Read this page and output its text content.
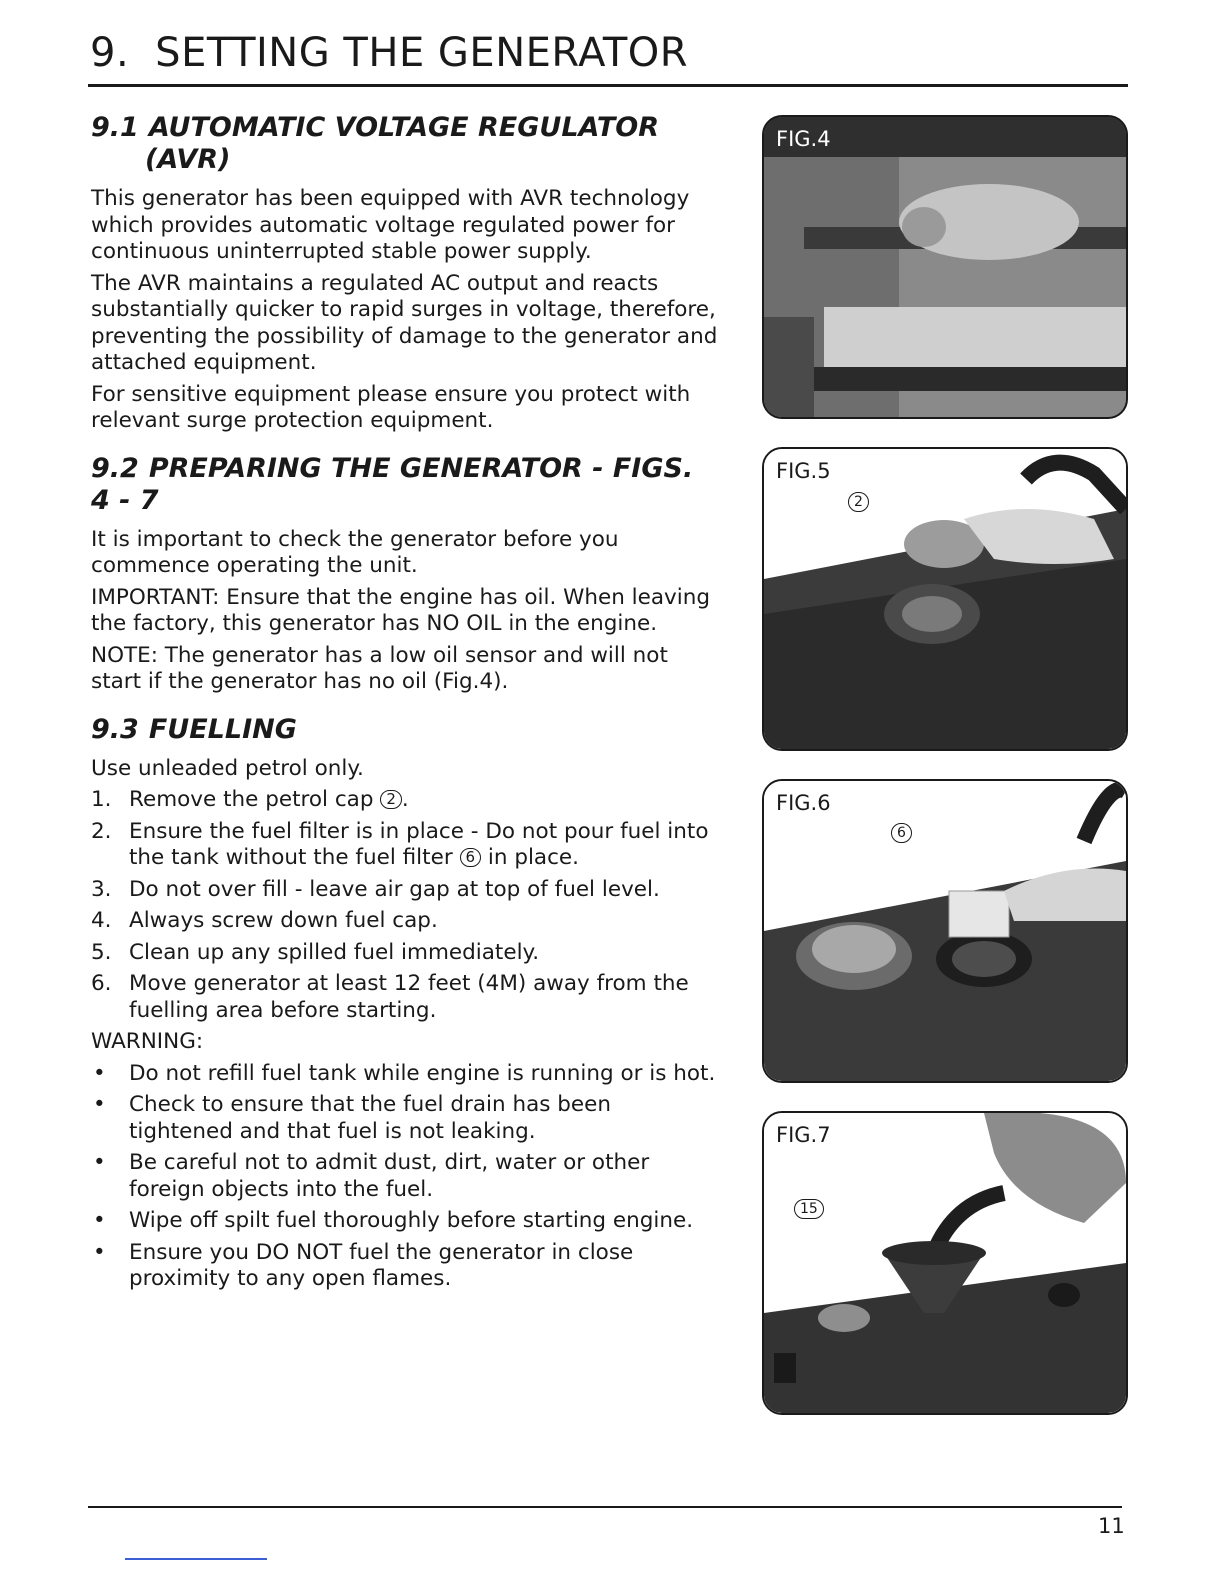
9. SETTING THE GENERATOR
9.1 AUTOMATIC VOLTAGE REGULATOR
(AVR)

This generator has been equipped with AVR technology which provides automatic voltage regulated power for continuous uninterrupted stable power supply.

The AVR maintains a regulated AC output and reacts substantially quicker to rapid surges in voltage, therefore, preventing the possibility of damage to the generator and attached equipment.

For sensitive equipment please ensure you protect with relevant surge protection equipment.

9.2 PREPARING THE GENERATOR - FIGS. 4 - 7

It is important to check the generator before you commence operating the unit.

IMPORTANT: Ensure that the engine has oil. When leaving the factory, this generator has NO OIL in the engine.

NOTE: The generator has a low oil sensor and will not start if the generator has no oil (Fig.4).

9.3 FUELLING

Use unleaded petrol only.

1. Remove the petrol cap 2 .
2. Ensure the fuel filter is in place - Do not pour fuel into the tank without the fuel filter 6 in place.
3. Do not over fill - leave air gap at top of fuel level.
4. Always screw down fuel cap.
5. Clean up any spilled fuel immediately.
6. Move generator at least 12 feet (4M) away from the fuelling area before starting.

WARNING:

• Do not refill fuel tank while engine is running or is hot.
• Check to ensure that the fuel drain has been tightened and that fuel is not leaking.
• Be careful not to admit dust, dirt, water or other foreign objects into the fuel.
• Wipe off spilt fuel thoroughly before starting engine.
• Ensure you DO NOT fuel the generator in close proximity to any open flames.
FIG.4
FIG.5
2
FIG.6
6
FIG.7
15
11
